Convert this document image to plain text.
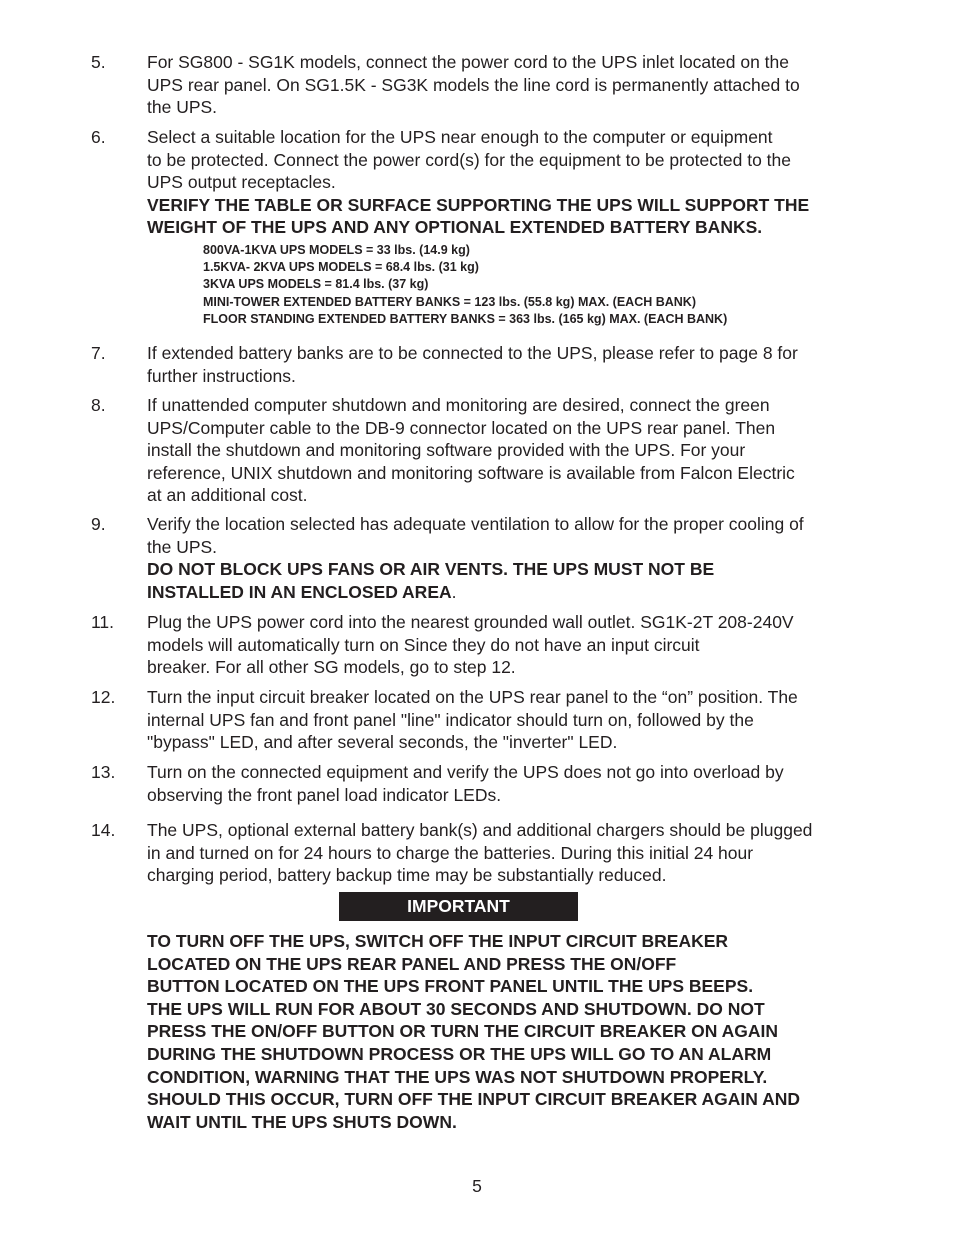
5. For SG800 - SG1K models, connect the power cord to the UPS inlet located on the
UPS rear panel. On SG1.5K - SG3K models the line cord is permanently attached to
the UPS.
6. Select a suitable location for the UPS near enough to the computer or equipment
to be protected. Connect the power cord(s) for the equipment to be protected to the
UPS output receptacles.
VERIFY THE TABLE OR SURFACE SUPPORTING THE UPS WILL SUPPORT THE
WEIGHT OF THE UPS AND ANY OPTIONAL EXTENDED BATTERY BANKS.
800VA-1KVA UPS MODELS = 33 lbs. (14.9 kg)
1.5KVA- 2KVA UPS MODELS = 68.4 lbs. (31 kg)
3KVA UPS MODELS = 81.4 lbs. (37 kg)
MINI-TOWER EXTENDED BATTERY BANKS = 123 lbs. (55.8 kg) MAX. (EACH BANK)
FLOOR STANDING EXTENDED BATTERY BANKS = 363 lbs. (165 kg) MAX. (EACH BANK)
7. If extended battery banks are to be connected to the UPS, please refer to page 8 for
further instructions.
8. If unattended computer shutdown and monitoring are desired, connect the green
UPS/Computer cable to the DB-9 connector located on the UPS rear panel. Then
install the shutdown and monitoring software provided with the UPS. For your
reference, UNIX shutdown and monitoring software is available from Falcon Electric
at an additional cost.
9. Verify the location selected has adequate ventilation to allow for the proper cooling of
the UPS.
DO NOT BLOCK UPS FANS OR AIR VENTS. THE UPS MUST NOT BE
INSTALLED IN AN ENCLOSED AREA.
11. Plug the UPS power cord into the nearest grounded wall outlet. SG1K-2T 208-240V
models will automatically turn on Since they do not have an input circuit
breaker. For all other SG models, go to step 12.
12. Turn the input circuit breaker located on the UPS rear panel to the “on” position. The
internal UPS fan and front panel "line" indicator should turn on, followed by the
"bypass" LED, and after several seconds, the "inverter" LED.
13. Turn on the connected equipment and verify the UPS does not go into overload by
observing the front panel load indicator LEDs.
14. The UPS, optional external battery bank(s) and additional chargers should be plugged
in and turned on for 24 hours to charge the batteries. During this initial 24 hour
charging period, battery backup time may be substantially reduced.
IMPORTANT
TO TURN OFF THE UPS, SWITCH OFF THE INPUT CIRCUIT BREAKER
LOCATED ON THE UPS REAR PANEL AND PRESS THE ON/OFF
BUTTON LOCATED ON THE UPS FRONT PANEL UNTIL THE UPS BEEPS.
THE UPS WILL RUN FOR ABOUT 30 SECONDS AND SHUTDOWN. DO NOT
PRESS THE ON/OFF BUTTON OR TURN THE CIRCUIT BREAKER ON AGAIN
DURING THE SHUTDOWN PROCESS OR THE UPS WILL GO TO AN ALARM
CONDITION, WARNING THAT THE UPS WAS NOT SHUTDOWN PROPERLY.
SHOULD THIS OCCUR, TURN OFF THE INPUT CIRCUIT BREAKER AGAIN AND
WAIT UNTIL THE UPS SHUTS DOWN.
5
